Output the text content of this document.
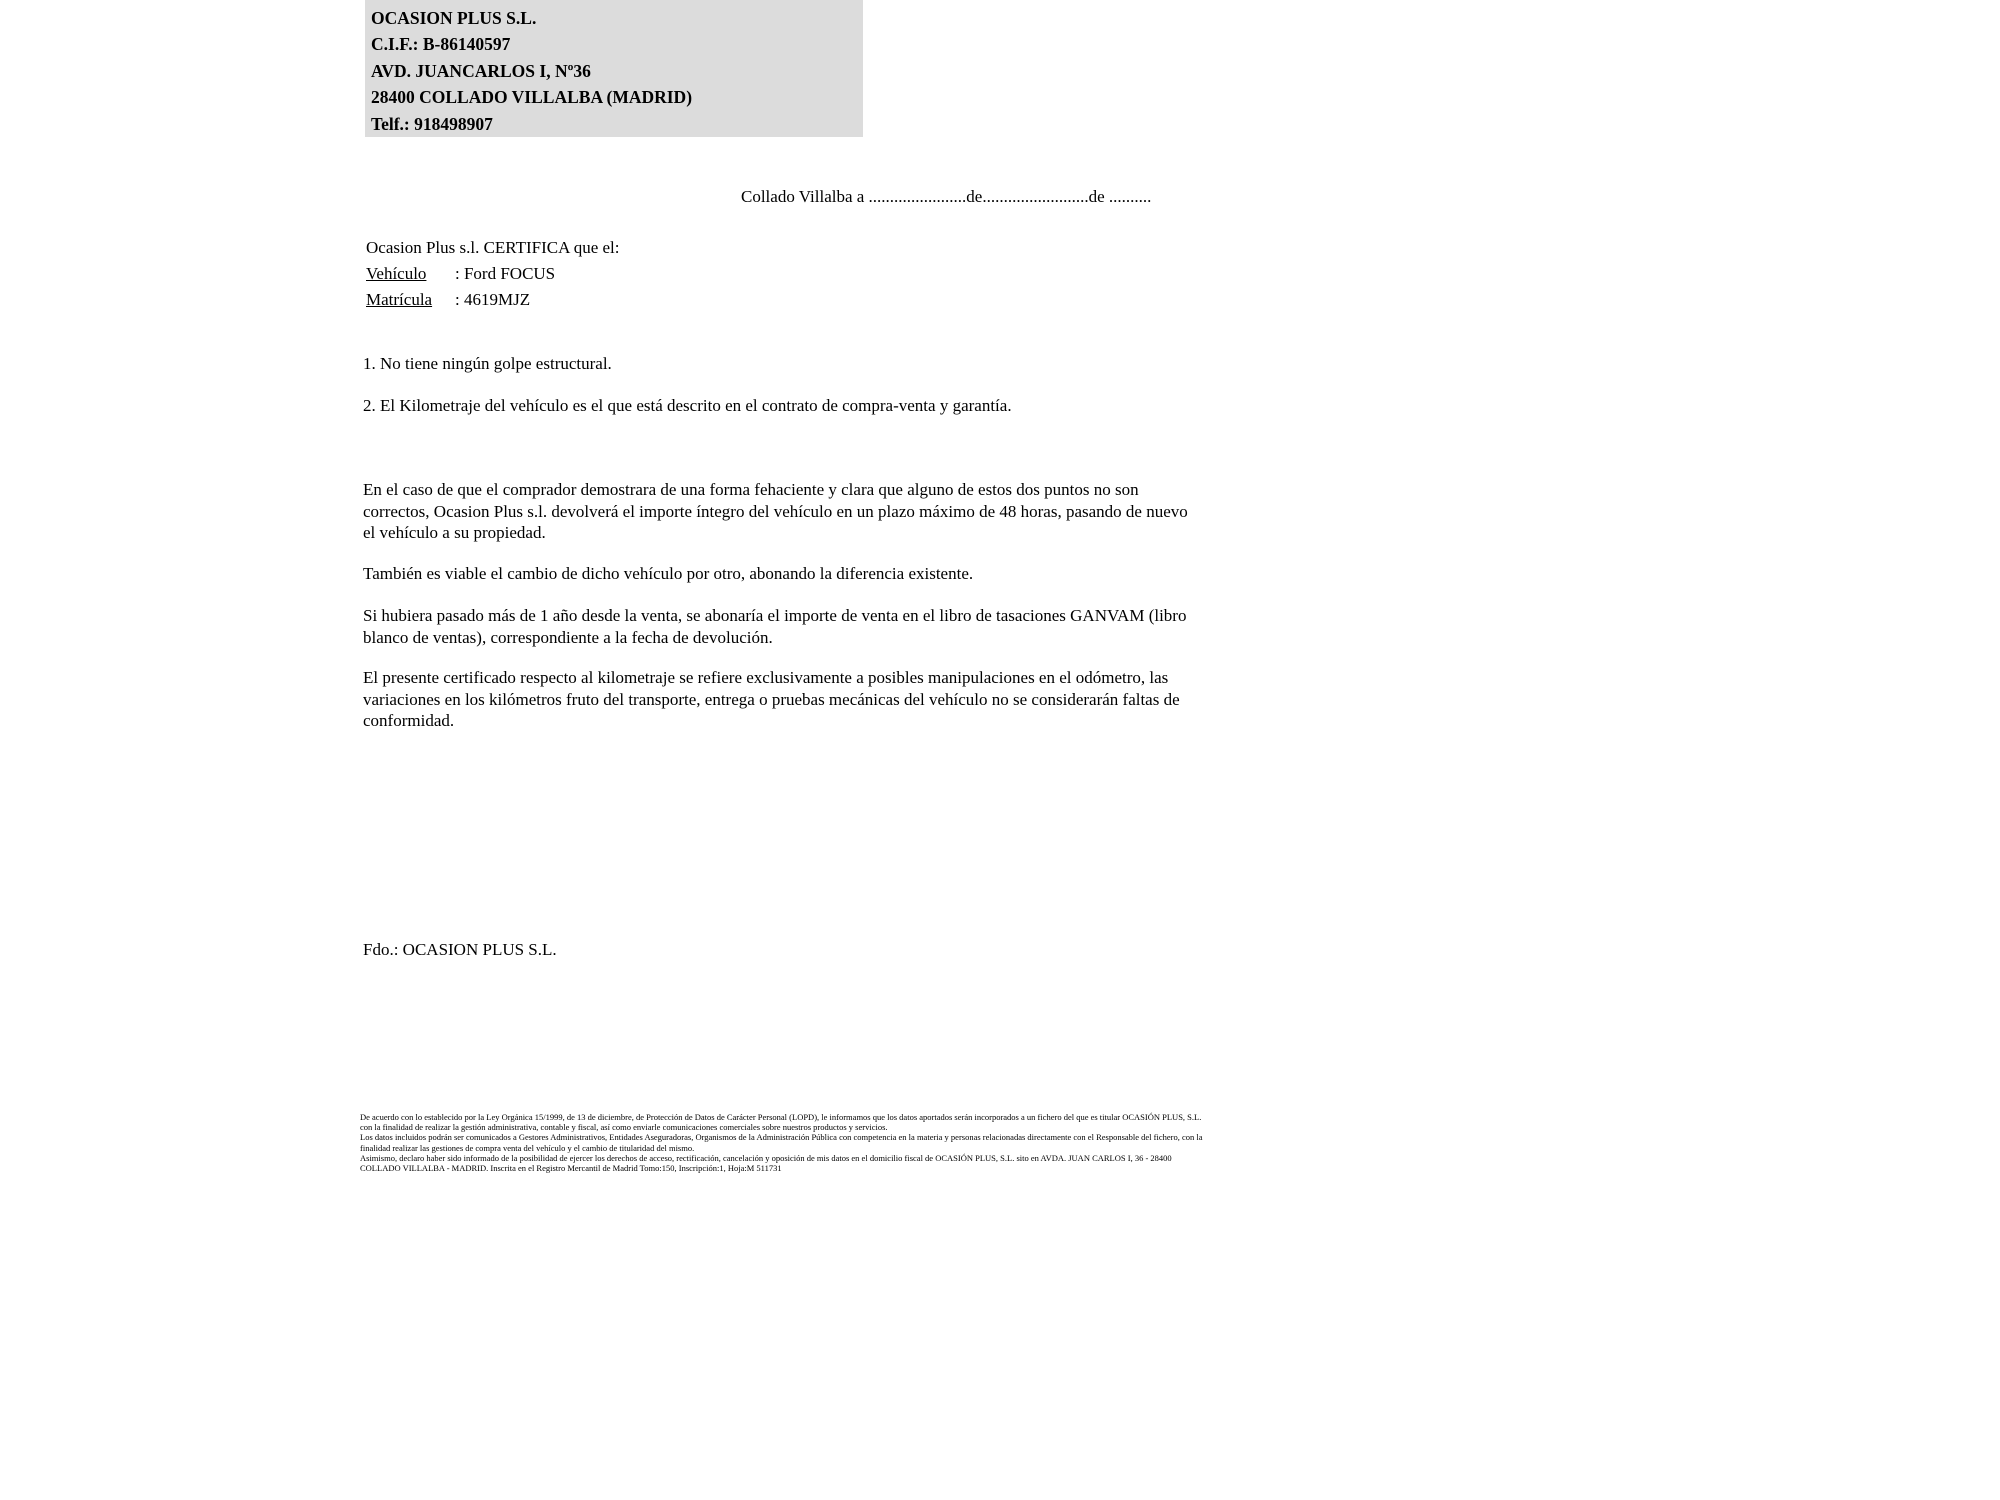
OCASION PLUS S.L.
C.I.F.: B-86140597
AVD. JUANCARLOS I, Nº36
28400 COLLADO VILLALBA (MADRID)
Telf.: 918498907
Collado Villalba a .......................de.........................de ..........
Ocasion Plus s.l. CERTIFICA que el:
Vehículo : Ford FOCUS
Matrícula : 4619MJZ
1. No tiene ningún golpe estructural.
2. El Kilometraje del vehículo es el que está descrito en el contrato de compra-venta y garantía.
En el caso de que el comprador demostrara de una forma fehaciente y clara que alguno de estos dos puntos no son correctos, Ocasion Plus s.l. devolverá el importe íntegro del vehículo en un plazo máximo de 48 horas, pasando de nuevo el vehículo a su propiedad.
También es viable el cambio de dicho vehículo por otro, abonando la diferencia existente.
Si hubiera pasado más de 1 año desde la venta, se abonaría el importe de venta en el libro de tasaciones GANVAM (libro blanco de ventas), correspondiente a la fecha de devolución.
El presente certificado respecto al kilometraje se refiere exclusivamente a posibles manipulaciones en el odómetro, las variaciones en los kilómetros fruto del transporte, entrega o pruebas mecánicas del vehículo no se considerarán faltas de conformidad.
Fdo.: OCASION PLUS S.L.

De acuerdo con lo establecido por la Ley Orgánica 15/1999, de 13 de diciembre, de Protección de Datos de Carácter Personal (LOPD), le informamos que los datos aportados serán incorporados a un fichero del que es titular OCASIÓN PLUS, S.L. con la finalidad de realizar la gestión administrativa, contable y fiscal, así como enviarle comunicaciones comerciales sobre nuestros productos y servicios.

Los datos incluidos podrán ser comunicados a Gestores Administrativos, Entidades Aseguradoras, Organismos de la Administración Pública con competencia en la materia y personas relacionadas directamente con el Responsable del fichero, con la finalidad realizar las gestiones de compra venta del vehículo y el cambio de titularidad del mismo.

Asimismo, declaro haber sido informado de la posibilidad de ejercer los derechos de acceso, rectificación, cancelación y oposición de mis datos en el domicilio fiscal de OCASIÓN PLUS, S.L. sito en AVDA. JUAN CARLOS I, 36 - 28400 COLLADO VILLALBA - MADRID. Inscrita en el Registro Mercantil de Madrid Tomo:150, Inscripción:1, Hoja:M 511731
